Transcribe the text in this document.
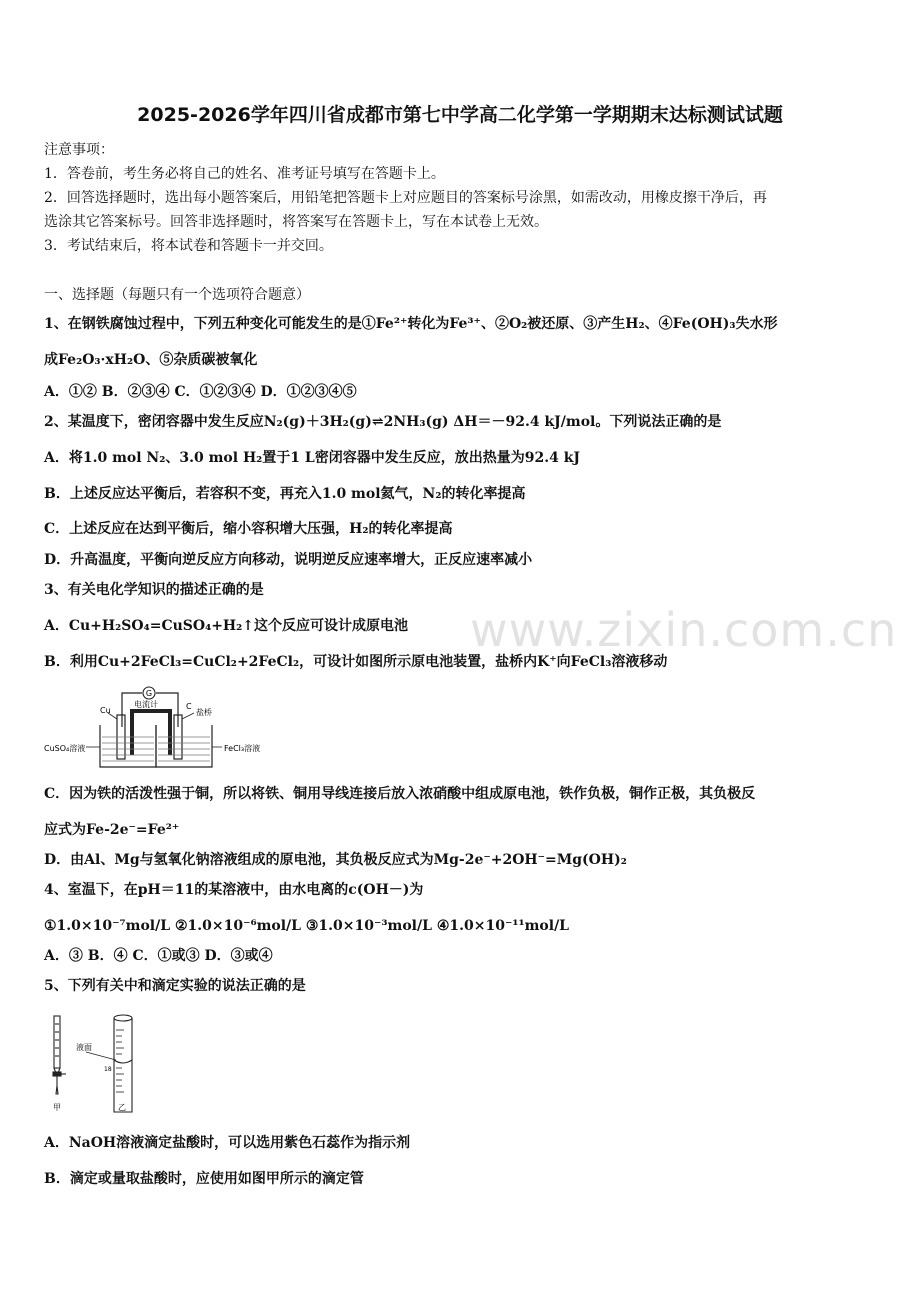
2025-2026学年四川省成都市第七中学高二化学第一学期期末达标测试试题
注意事项：
1．答卷前，考生务必将自己的姓名、准考证号填写在答题卡上。
2．回答选择题时，选出每小题答案后，用铅笔把答题卡上对应题目的答案标号涂黑，如需改动，用橡皮擦干净后，再
选涂其它答案标号。回答非选择题时，将答案写在答题卡上，写在本试卷上无效。
3．考试结束后，将本试卷和答题卡一并交回。
一、选择题（每题只有一个选项符合题意）
1、在钢铁腐蚀过程中，下列五种变化可能发生的是①Fe²⁺转化为Fe³⁺、②O₂被还原、③产生H₂、④Fe(OH)₃失水形
成Fe₂O₃·xH₂O、⑤杂质碳被氧化
A．①② B．②③④ C．①②③④ D．①②③④⑤
2、某温度下，密闭容器中发生反应N₂(g)＋3H₂(g)⇌2NH₃(g) ΔH＝－92.4 kJ/mol。下列说法正确的是
A．将1.0 mol N₂、3.0 mol H₂置于1 L密闭容器中发生反应，放出热量为92.4 kJ
B．上述反应达平衡后，若容积不变，再充入1.0 mol氦气，N₂的转化率提高
C．上述反应在达到平衡后，缩小容积增大压强，H₂的转化率提高
D．升高温度，平衡向逆反应方向移动，说明逆反应速率增大，正反应速率减小
3、有关电化学知识的描述正确的是
A．Cu+H₂SO₄=CuSO₄+H₂↑这个反应可设计成原电池
B．利用Cu+2FeCl₃=CuCl₂+2FeCl₂，可设计如图所示原电池装置，盐桥内K⁺向FeCl₃溶液移动
www.zixin.com.cn
G
电流计
Cu	C
盐桥
CuSO₄溶液	FeCl₃溶液
C．因为铁的活泼性强于铜，所以将铁、铜用导线连接后放入浓硝酸中组成原电池，铁作负极，铜作正极，其负极反
应式为Fe-2e⁻=Fe²⁺
D．由Al、Mg与氢氧化钠溶液组成的原电池，其负极反应式为Mg-2e⁻+2OH⁻=Mg(OH)₂
4、室温下，在pH＝11的某溶液中，由水电离的c(OH－)为
①1.0×10⁻⁷mol/L ②1.0×10⁻⁶mol/L ③1.0×10⁻³mol/L ④1.0×10⁻¹¹mol/L
A．③ B．④ C．①或③ D．③或④
5、下列有关中和滴定实验的说法正确的是
液面
18
甲	乙
A．NaOH溶液滴定盐酸时，可以选用紫色石蕊作为指示剂
B．滴定或量取盐酸时，应使用如图甲所示的滴定管
